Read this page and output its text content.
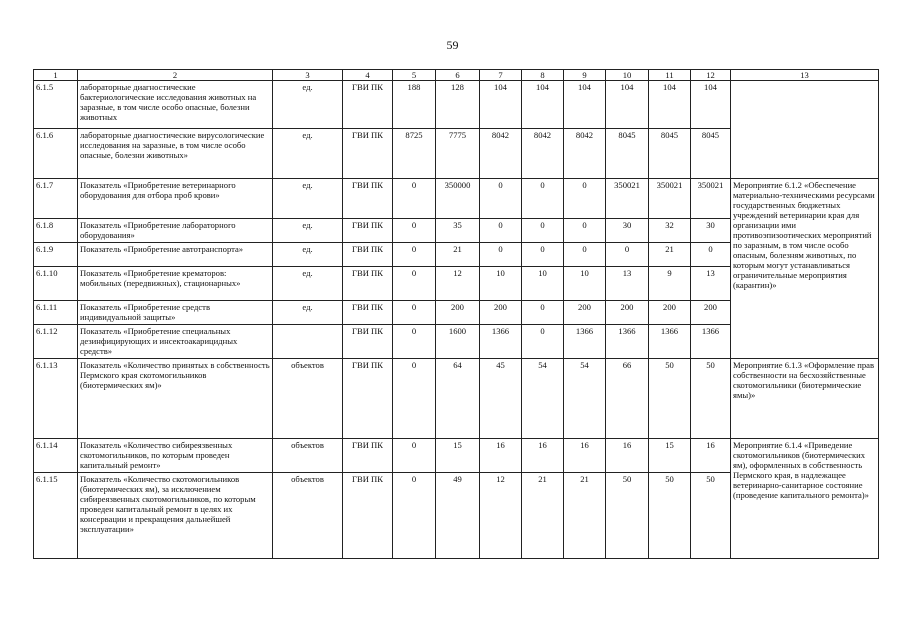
59
1	2	3	4	5	6	7	8	9	10	11	12	13
6.1.5	лабораторные диагностические бактериологические исследования животных на заразные, в том числе особо опасные, болезни животных	ед.	ГВИ ПК	188	128	104	104	104	104	104	104	
6.1.6	лабораторные диагностические вирусологические исследования на заразные, в том числе особо опасные, болезни животных»	ед.	ГВИ ПК	8725	7775	8042	8042	8042	8045	8045	8045	
6.1.7	Показатель «Приобретение ветеринарного оборудования для отбора проб крови»	ед.	ГВИ ПК	0	350000	0	0	0	350021	350021	350021	Мероприятие 6.1.2 «Обеспечение материально-техническими ресурсами государственных бюджетных учреждений ветеринарии края для организации ими противоэпизоотических мероприятий по заразным, в том числе особо опасным, болезням животных, по которым могут устанавливаться ограничительные мероприятия (карантин)»
6.1.8	Показатель «Приобретение лабораторного оборудования»	ед.	ГВИ ПК	0	35	0	0	0	30	32	30	
6.1.9	Показатель «Приобретение автотранспорта»	ед.	ГВИ ПК	0	21	0	0	0	0	21	0	
6.1.10	Показатель «Приобретение крематоров: мобильных (передвижных), стационарных»	ед.	ГВИ ПК	0	12	10	10	10	13	9	13	
6.1.11	Показатель «Приобретение средств индивидуальной защиты»	ед.	ГВИ ПК	0	200	200	0	200	200	200	200	
6.1.12	Показатель «Приобретение специальных дезинфицирующих и инсектоакарицидных средств»		ГВИ ПК	0	1600	1366	0	1366	1366	1366	1366	
6.1.13	Показатель «Количество принятых в собственность Пермского края скотомогильников (биотермических ям)»	объектов	ГВИ ПК	0	64	45	54	54	66	50	50	Мероприятие 6.1.3 «Оформление прав собственности на бесхозяйственные скотомогильники (биотермические ямы)»
6.1.14	Показатель «Количество сибиреязвенных скотомогильников, по которым проведен капитальный ремонт»	объектов	ГВИ ПК	0	15	16	16	16	16	15	16	Мероприятие 6.1.4 «Приведение скотомогильников (биотермических ям), оформленных в собственность Пермского края, в надлежащее ветеринарно-санитарное состояние (проведение капитального ремонта)»
6.1.15	Показатель «Количество скотомогильников (биотермических ям), за исключением сибиреязвенных скотомогильников, по которым проведен капитальный ремонт в целях их консервации и прекращения дальнейшей эксплуатации»	объектов	ГВИ ПК	0	49	12	21	21	50	50	50	
